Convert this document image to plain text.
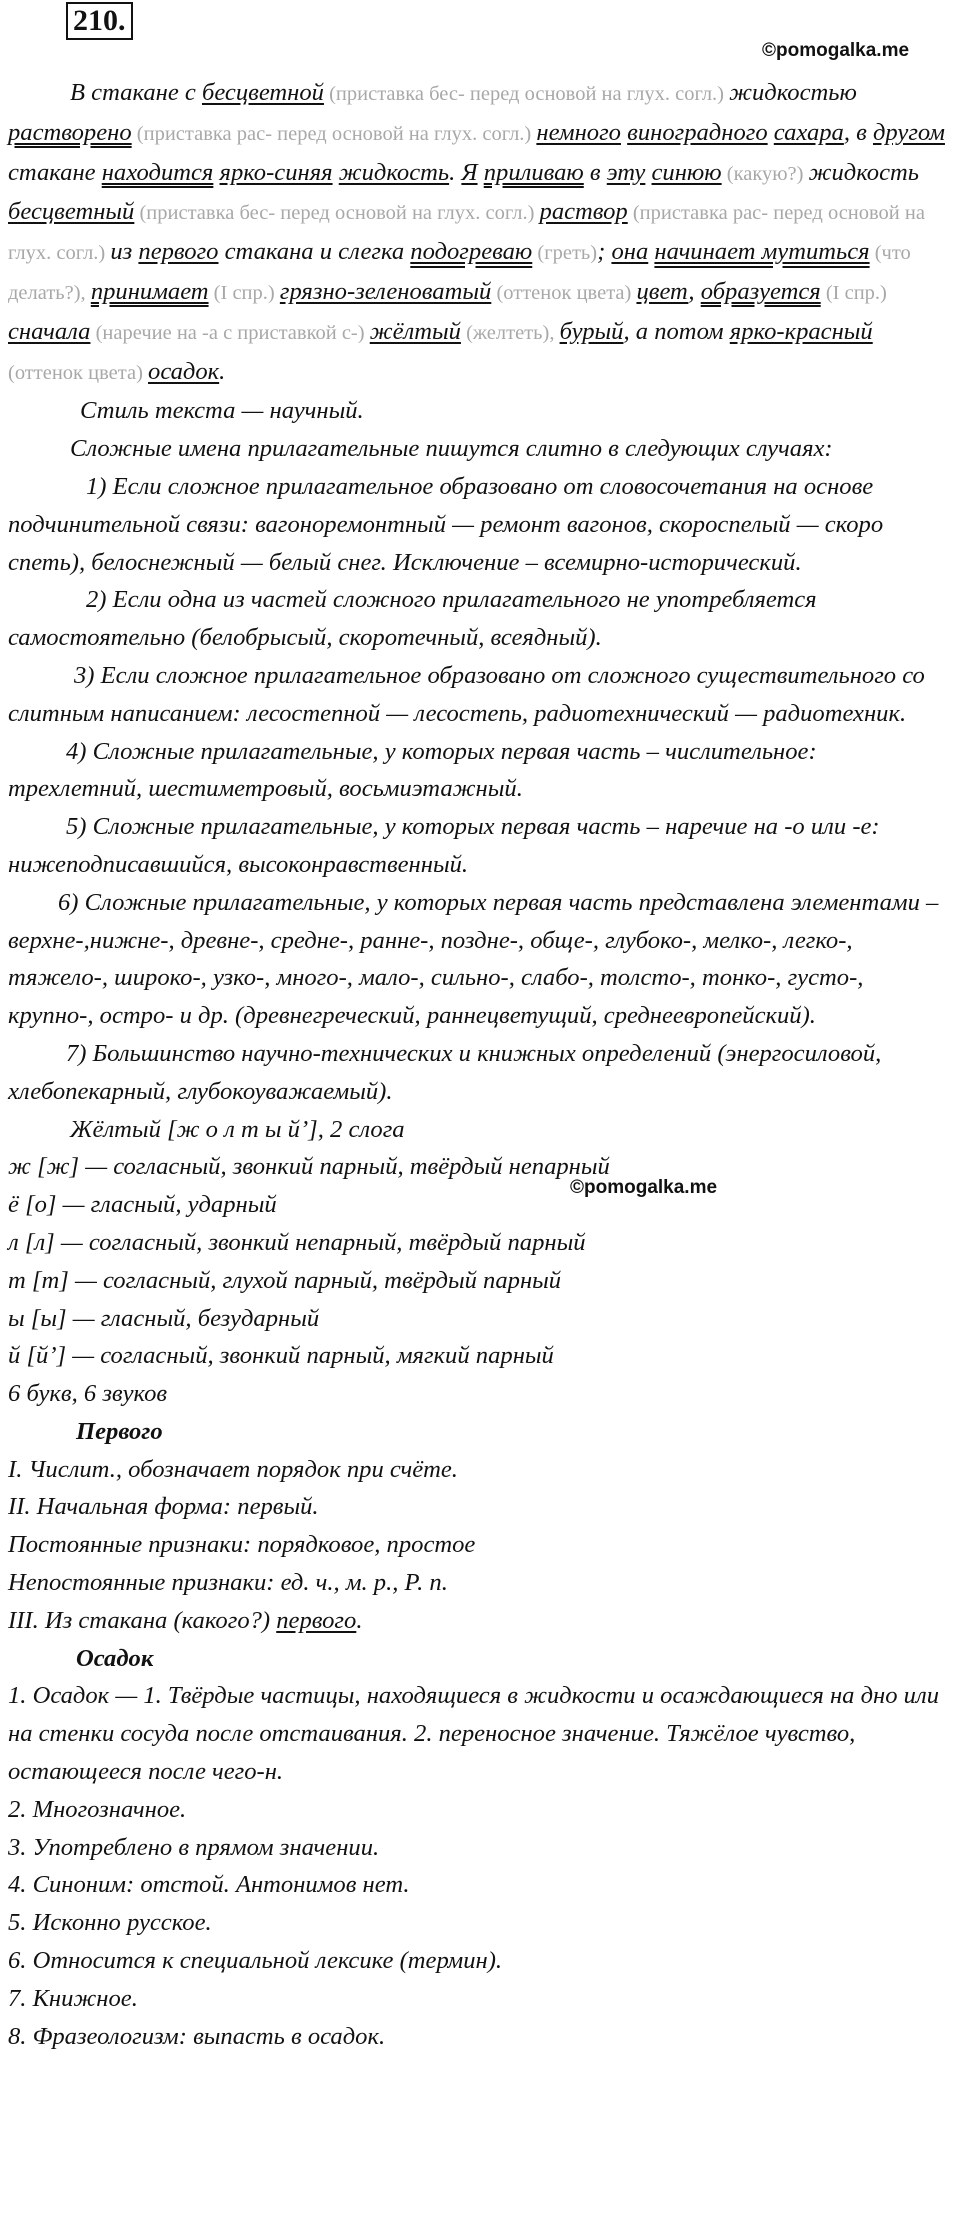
210.
©pomogalka.me
©pomogalka.me

В стакане с бесцветной (приставка бес- перед основой на глух. согл.) жидкостью растворено (приставка рас- перед основой на глух. согл.) немного виноградного сахара, в другом стакане находится ярко-синяя жидкость. Я приливаю в эту синюю (какую?) жидкость бесцветный (приставка бес- перед основой на глух. согл.) раствор (приставка рас- перед основой на глух. согл.) из первого стакана и слегка подогреваю (греть); она начинает мутиться (что делать?), принимает (I спр.) грязно-зеленоватый (оттенок цвета) цвет, образуется (I спр.) сначала (наречие на -а с приставкой с-) жёлтый (желтеть), бурый, а потом ярко-красный (оттенок цвета) осадок.

Стиль текста — научный.

Сложные имена прилагательные пишутся слитно в следующих случаях:

1) Если сложное прилагательное образовано от словосочетания на основе подчинительной связи: вагоноремонтный — ремонт вагонов, скороспелый — скоро спеть), белоснежный — белый снег. Исключение – всемирно-исторический.

2) Если одна из частей сложного прилагательного не употребляется самостоятельно (белобрысый, скоротечный, всеядный).

3) Если сложное прилагательное образовано от сложного существительного со слитным написанием: лесостепной — лесостепь, радиотехнический — радиотехник.

4) Сложные прилагательные, у которых первая часть – числительное: трехлетний, шестиметровый, восьмиэтажный.

5) Сложные прилагательные, у которых первая часть – наречие на -о или -е: нижеподписавшийся, высоконравственный.

6) Сложные прилагательные, у которых первая часть представлена элементами – верхне-,нижне-, древне-, средне-, ранне-, поздне-, обще-, глубоко-, мелко-, легко-, тяжело-, широко-, узко-, много-, мало-, сильно-, слабо-, толсто-, тонко-, густо-, крупно-, остро- и др. (древнегреческий, раннецветущий, среднеевропейский).

7) Большинство научно-технических и книжных определений (энергосиловой, хлебопекарный, глубокоуважаемый).

Жёлтый [ж о л т ы й’], 2 слога

ж [ж] — согласный, звонкий парный, твёрдый непарный

ё [о] — гласный, ударный

л [л] — согласный, звонкий непарный, твёрдый парный

т [т] — согласный, глухой парный, твёрдый парный

ы [ы] — гласный, безударный

й [й’] — согласный, звонкий парный, мягкий парный

6 букв, 6 звуков

Первого

I. Числит., обозначает порядок при счёте.

II. Начальная форма: первый.

Постоянные признаки: порядковое, простое

Непостоянные признаки: ед. ч., м. р., Р. п.

III. Из стакана (какого?) первого.

Осадок

1. Осадок — 1. Твёрдые частицы, находящиеся в жидкости и осаждающиеся на дно или на стенки сосуда после отстаивания. 2. переносное значение. Тяжёлое чувство, остающееся после чего-н.

2. Многозначное.

3. Употреблено в прямом значении.

4. Синоним: отстой. Антонимов нет.

5. Исконно русское.

6. Относится к специальной лексике (термин).

7. Книжное.

8. Фразеологизм: выпасть в осадок.
